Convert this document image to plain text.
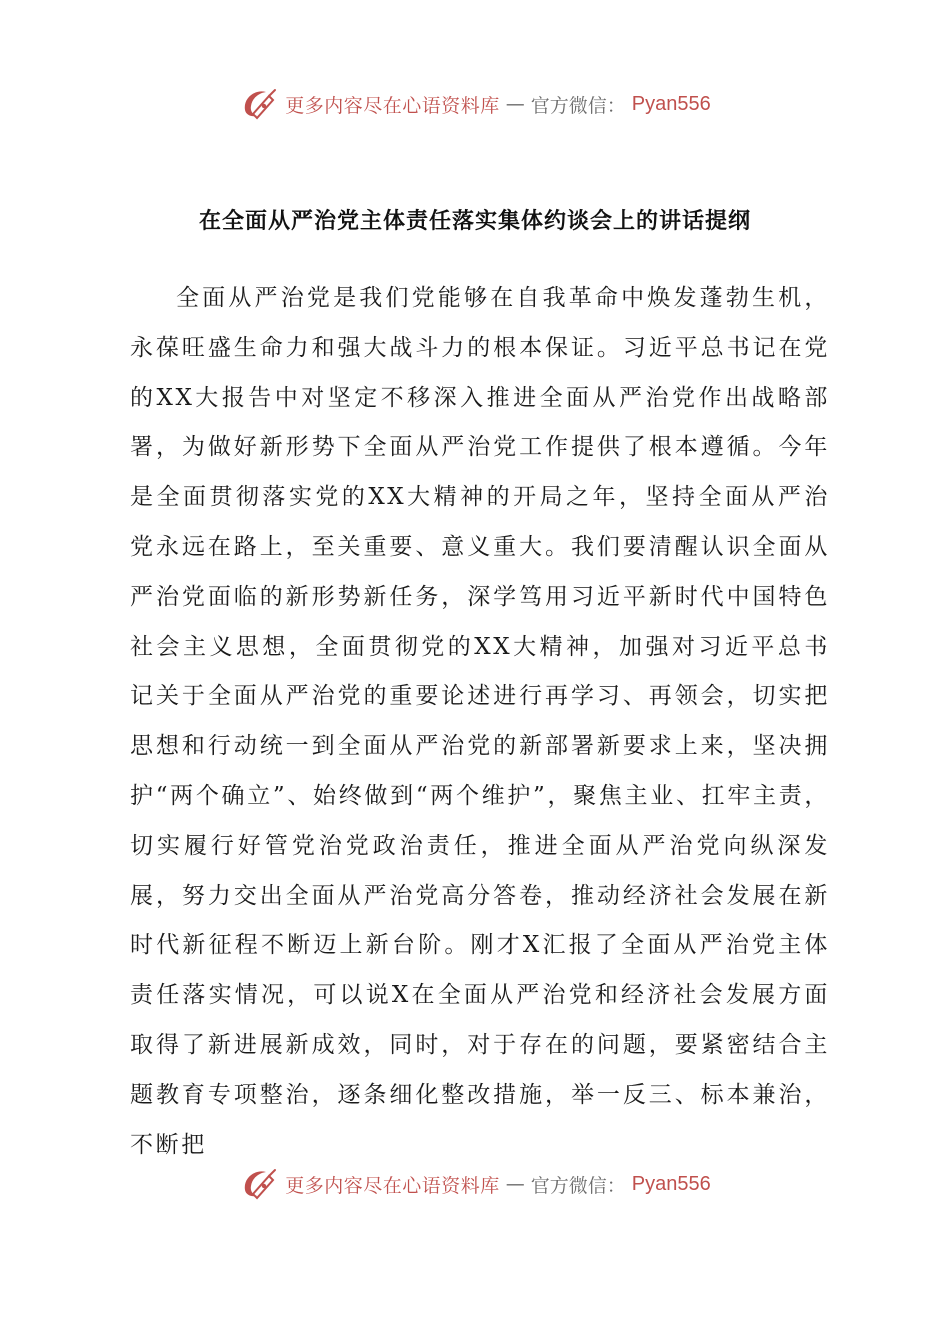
更多内容尽在心语资料库 — 官方微信： Pyan556
在全面从严治党主体责任落实集体约谈会上的讲话提纲

全面从严治党是我们党能够在自我革命中焕发蓬勃生机，永葆旺盛生命力和强大战斗力的根本保证。习近平总书记在党的XX大报告中对坚定不移深入推进全面从严治党作出战略部署，为做好新形势下全面从严治党工作提供了根本遵循。今年是全面贯彻落实党的XX大精神的开局之年，坚持全面从严治党永远在路上，至关重要、意义重大。我们要清醒认识全面从严治党面临的新形势新任务，深学笃用习近平新时代中国特色社会主义思想，全面贯彻党的XX大精神，加强对习近平总书记关于全面从严治党的重要论述进行再学习、再领会，切实把思想和行动统一到全面从严治党的新部署新要求上来，坚决拥护“两个确立”、始终做到“两个维护”，聚焦主业、扛牢主责，切实履行好管党治党政治责任，推进全面从严治党向纵深发展，努力交出全面从严治党高分答卷，推动经济社会发展在新时代新征程不断迈上新台阶。刚才X汇报了全面从严治党主体责任落实情况，可以说X在全面从严治党和经济社会发展方面取得了新进展新成效，同时，对于存在的问题，要紧密结合主题教育专项整治，逐条细化整改措施，举一反三、标本兼治，不断把

更多内容尽在心语资料库 — 官方微信： Pyan556
